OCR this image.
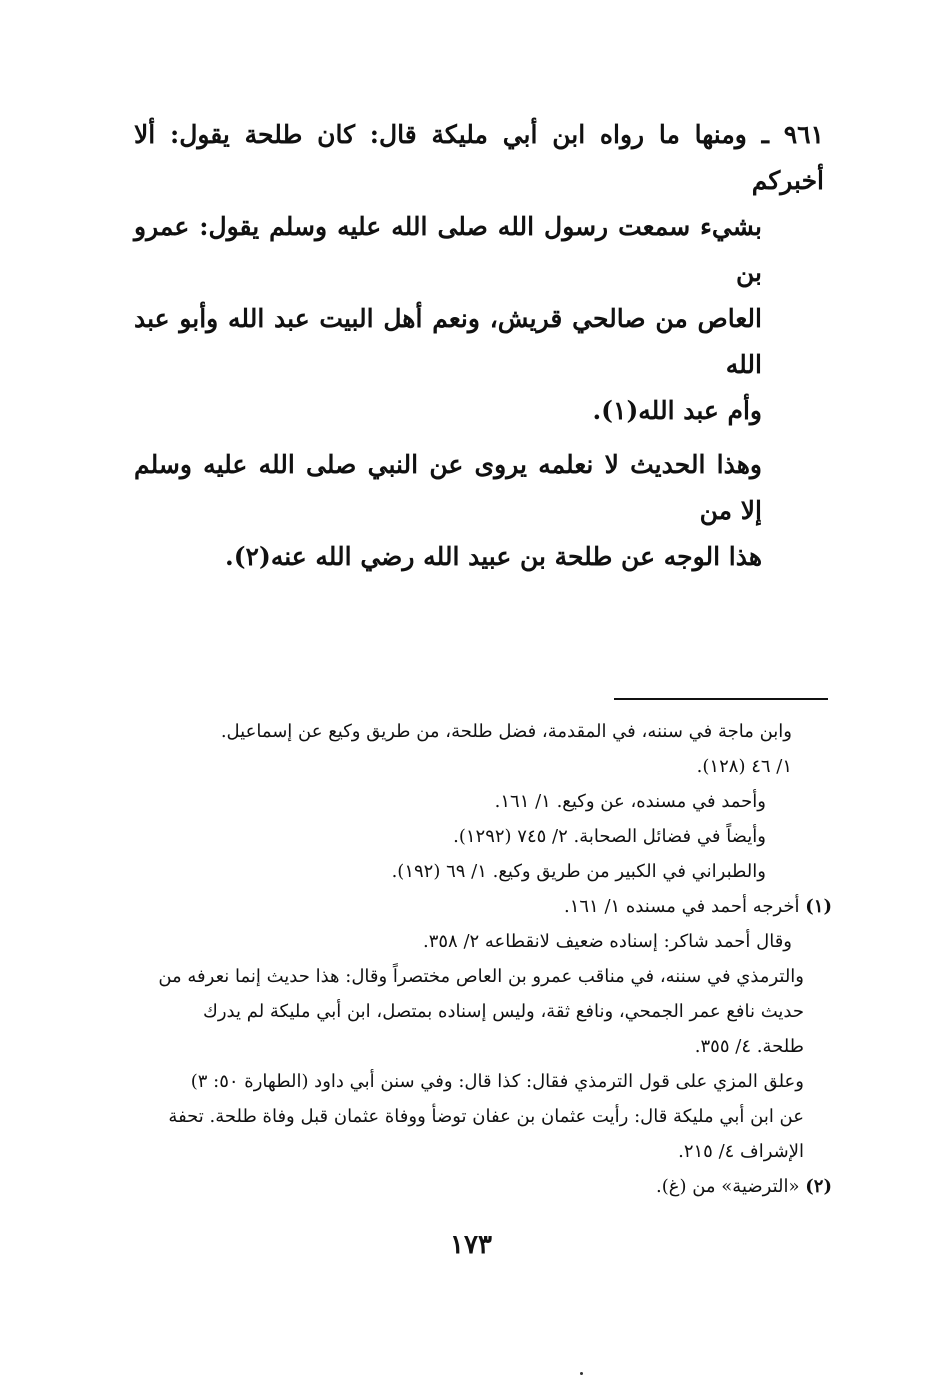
٩٦١ ـ ومنها ما رواه ابن أبي مليكة قال: كان طلحة يقول: ألا أخبركم
بشيء سمعت رسول الله صلى الله عليه وسلم يقول: عمرو بن
العاص من صالحي قريش، ونعم أهل البيت عبد الله وأبو عبد الله
وأم عبد الله(١).

وهذا الحديث لا نعلمه يروى عن النبي صلى الله عليه وسلم إلا من
هذا الوجه عن طلحة بن عبيد الله رضي الله عنه(٢).

وابن ماجة في سننه، في المقدمة، فضل طلحة، من طريق وكيع عن إسماعيل.
١/ ٤٦ (١٢٨).
وأحمد في مسنده، عن وكيع. ١/ ١٦١.
وأيضاً في فضائل الصحابة. ٢/ ٧٤٥ (١٢٩٢).
والطبراني في الكبير من طريق وكيع. ١/ ٦٩ (١٩٢).
(١) أخرجه أحمد في مسنده ١/ ١٦١.
وقال أحمد شاكر: إسناده ضعيف لانقطاعه ٢/ ٣٥٨.
والترمذي في سننه، في مناقب عمرو بن العاص مختصراً وقال: هذا حديث إنما نعرفه من
حديث نافع عمر الجمحي، ونافع ثقة، وليس إسناده بمتصل، ابن أبي مليكة لم يدرك
طلحة. ٤/ ٣٥٥.
وعلق المزي على قول الترمذي فقال: كذا قال: وفي سنن أبي داود (الطهارة ٥٠: ٣)
عن ابن أبي مليكة قال: رأيت عثمان بن عفان توضأ ووفاة عثمان قبل وفاة طلحة. تحفة
الإشراف ٤/ ٢١٥.
(٢) «الترضية» من (غ).
١٧٣
